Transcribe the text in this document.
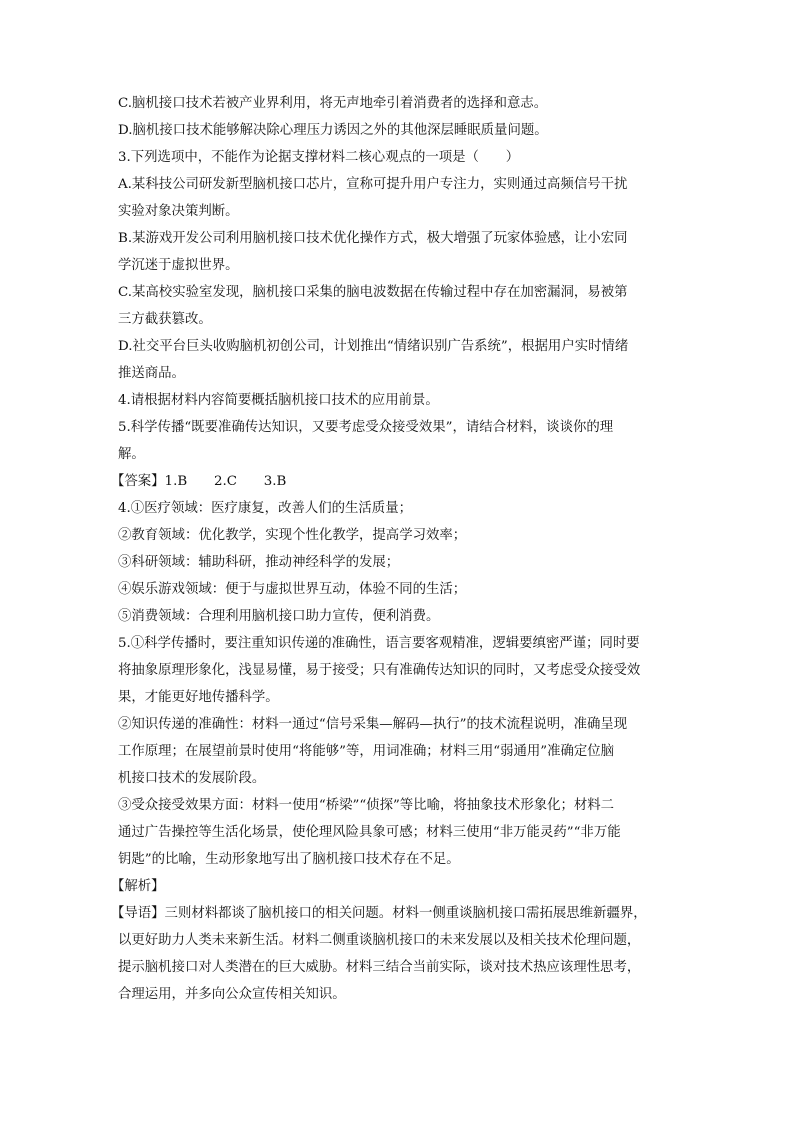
C.脑机接口技术若被产业界利用，将无声地牵引着消费者的选择和意志。

D.脑机接口技术能够解决除心理压力诱因之外的其他深层睡眠质量问题。

3.下列选项中，不能作为论据支撑材料二核心观点的一项是（　　）

A.某科技公司研发新型脑机接口芯片，宣称可提升用户专注力，实则通过高频信号干扰

实验对象决策判断。

B.某游戏开发公司利用脑机接口技术优化操作方式，极大增强了玩家体验感，让小宏同

学沉迷于虚拟世界。

C.某高校实验室发现，脑机接口采集的脑电波数据在传输过程中存在加密漏洞，易被第

三方截获篡改。

D.社交平台巨头收购脑机初创公司，计划推出“情绪识别广告系统”，根据用户实时情绪

推送商品。

4.请根据材料内容简要概括脑机接口技术的应用前景。

5.科学传播“既要准确传达知识，又要考虑受众接受效果”，请结合材料，谈谈你的理

解。

【答案】1.B　　2.C　　3.B

4.①医疗领域：医疗康复，改善人们的生活质量；

②教育领域：优化教学，实现个性化教学，提高学习效率；

③科研领域：辅助科研，推动神经科学的发展；

④娱乐游戏领域：便于与虚拟世界互动，体验不同的生活；

⑤消费领域：合理利用脑机接口助力宣传，便利消费。

5.①科学传播时，要注重知识传递的准确性，语言要客观精准，逻辑要缜密严谨；同时要

将抽象原理形象化，浅显易懂，易于接受；只有准确传达知识的同时，又考虑受众接受效

果，才能更好地传播科学。

②知识传递的准确性：材料一通过“信号采集—解码—执行”的技术流程说明，准确呈现

工作原理；在展望前景时使用“将能够”等，用词准确；材料三用“弱通用”准确定位脑

机接口技术的发展阶段。

③受众接受效果方面：材料一使用“桥梁”“侦探”等比喻，将抽象技术形象化；材料二

通过广告操控等生活化场景，使伦理风险具象可感；材料三使用“非万能灵药”“非万能

钥匙”的比喻，生动形象地写出了脑机接口技术存在不足。

【解析】

【导语】三则材料都谈了脑机接口的相关问题。材料一侧重谈脑机接口需拓展思维新疆界，

以更好助力人类未来新生活。材料二侧重谈脑机接口的未来发展以及相关技术伦理问题，

提示脑机接口对人类潜在的巨大威胁。材料三结合当前实际，谈对技术热应该理性思考，

合理运用，并多向公众宣传相关知识。
